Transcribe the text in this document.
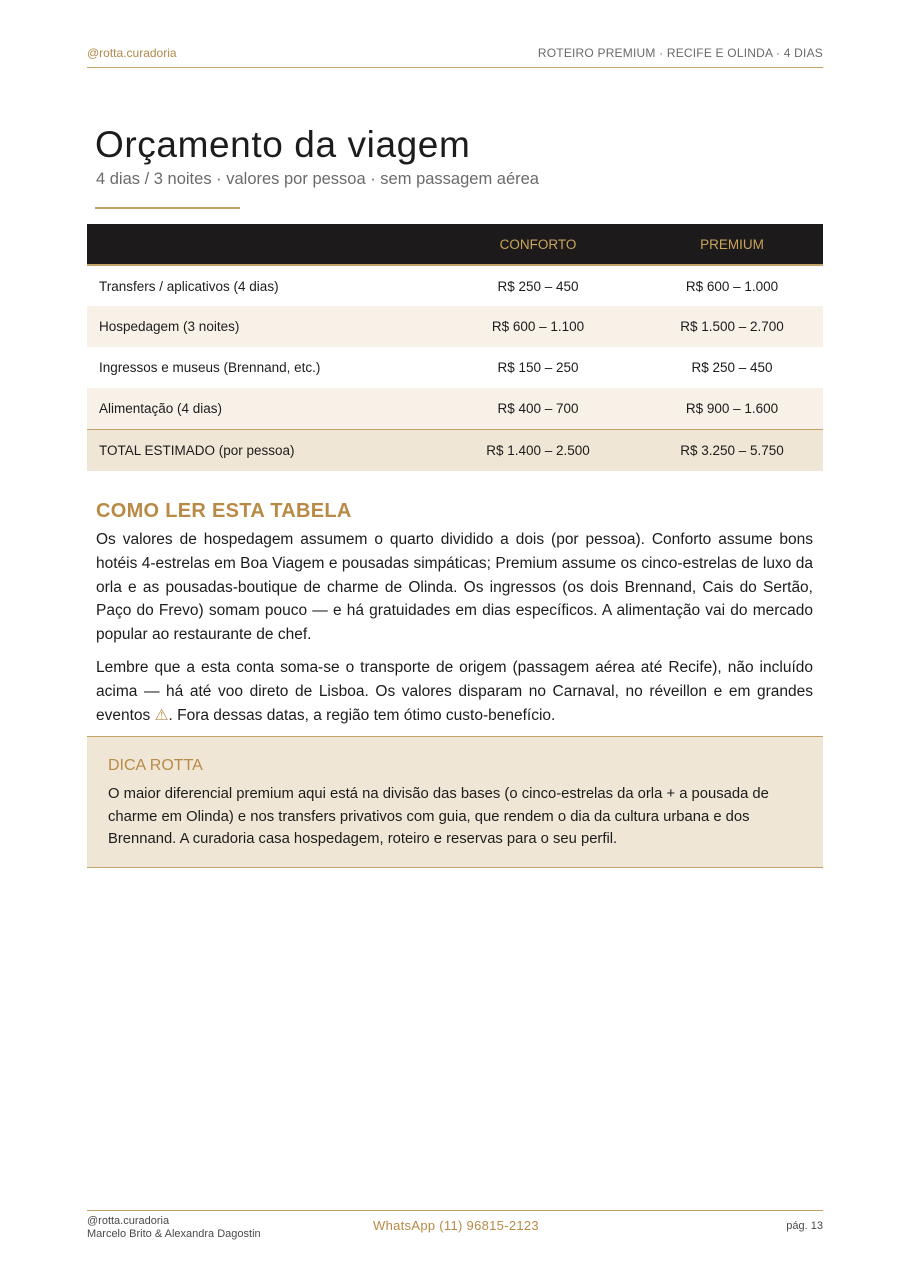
@rotta.curadoria	ROTEIRO PREMIUM · RECIFE E OLINDA · 4 DIAS
Orçamento da viagem
4 dias / 3 noites · valores por pessoa · sem passagem aérea
	CONFORTO	PREMIUM
Transfers / aplicativos (4 dias)	R$ 250 – 450	R$ 600 – 1.000
Hospedagem (3 noites)	R$ 600 – 1.100	R$ 1.500 – 2.700
Ingressos e museus (Brennand, etc.)	R$ 150 – 250	R$ 250 – 450
Alimentação (4 dias)	R$ 400 – 700	R$ 900 – 1.600
TOTAL ESTIMADO (por pessoa)	R$ 1.400 – 2.500	R$ 3.250 – 5.750
COMO LER ESTA TABELA

Os valores de hospedagem assumem o quarto dividido a dois (por pessoa). Conforto assume bons hotéis 4-estrelas em Boa Viagem e pousadas simpáticas; Premium assume os cinco-estrelas de luxo da orla e as pousadas-boutique de charme de Olinda. Os ingressos (os dois Brennand, Cais do Sertão, Paço do Frevo) somam pouco — e há gratuidades em dias específicos. A alimentação vai do mercado popular ao restaurante de chef.

Lembre que a esta conta soma-se o transporte de origem (passagem aérea até Recife), não incluído acima — há até voo direto de Lisboa. Os valores disparam no Carnaval, no réveillon e em grandes eventos ⚠. Fora dessas datas, a região tem ótimo custo-benefício.

DICA ROTTA
O maior diferencial premium aqui está na divisão das bases (o cinco-estrelas da orla + a pousada de charme em Olinda) e nos transfers privativos com guia, que rendem o dia da cultura urbana e dos Brennand. A curadoria casa hospedagem, roteiro e reservas para o seu perfil.
@rotta.curadoria
Marcelo Brito & Alexandra Dagostin
WhatsApp (11) 96815-2123	pág. 13
